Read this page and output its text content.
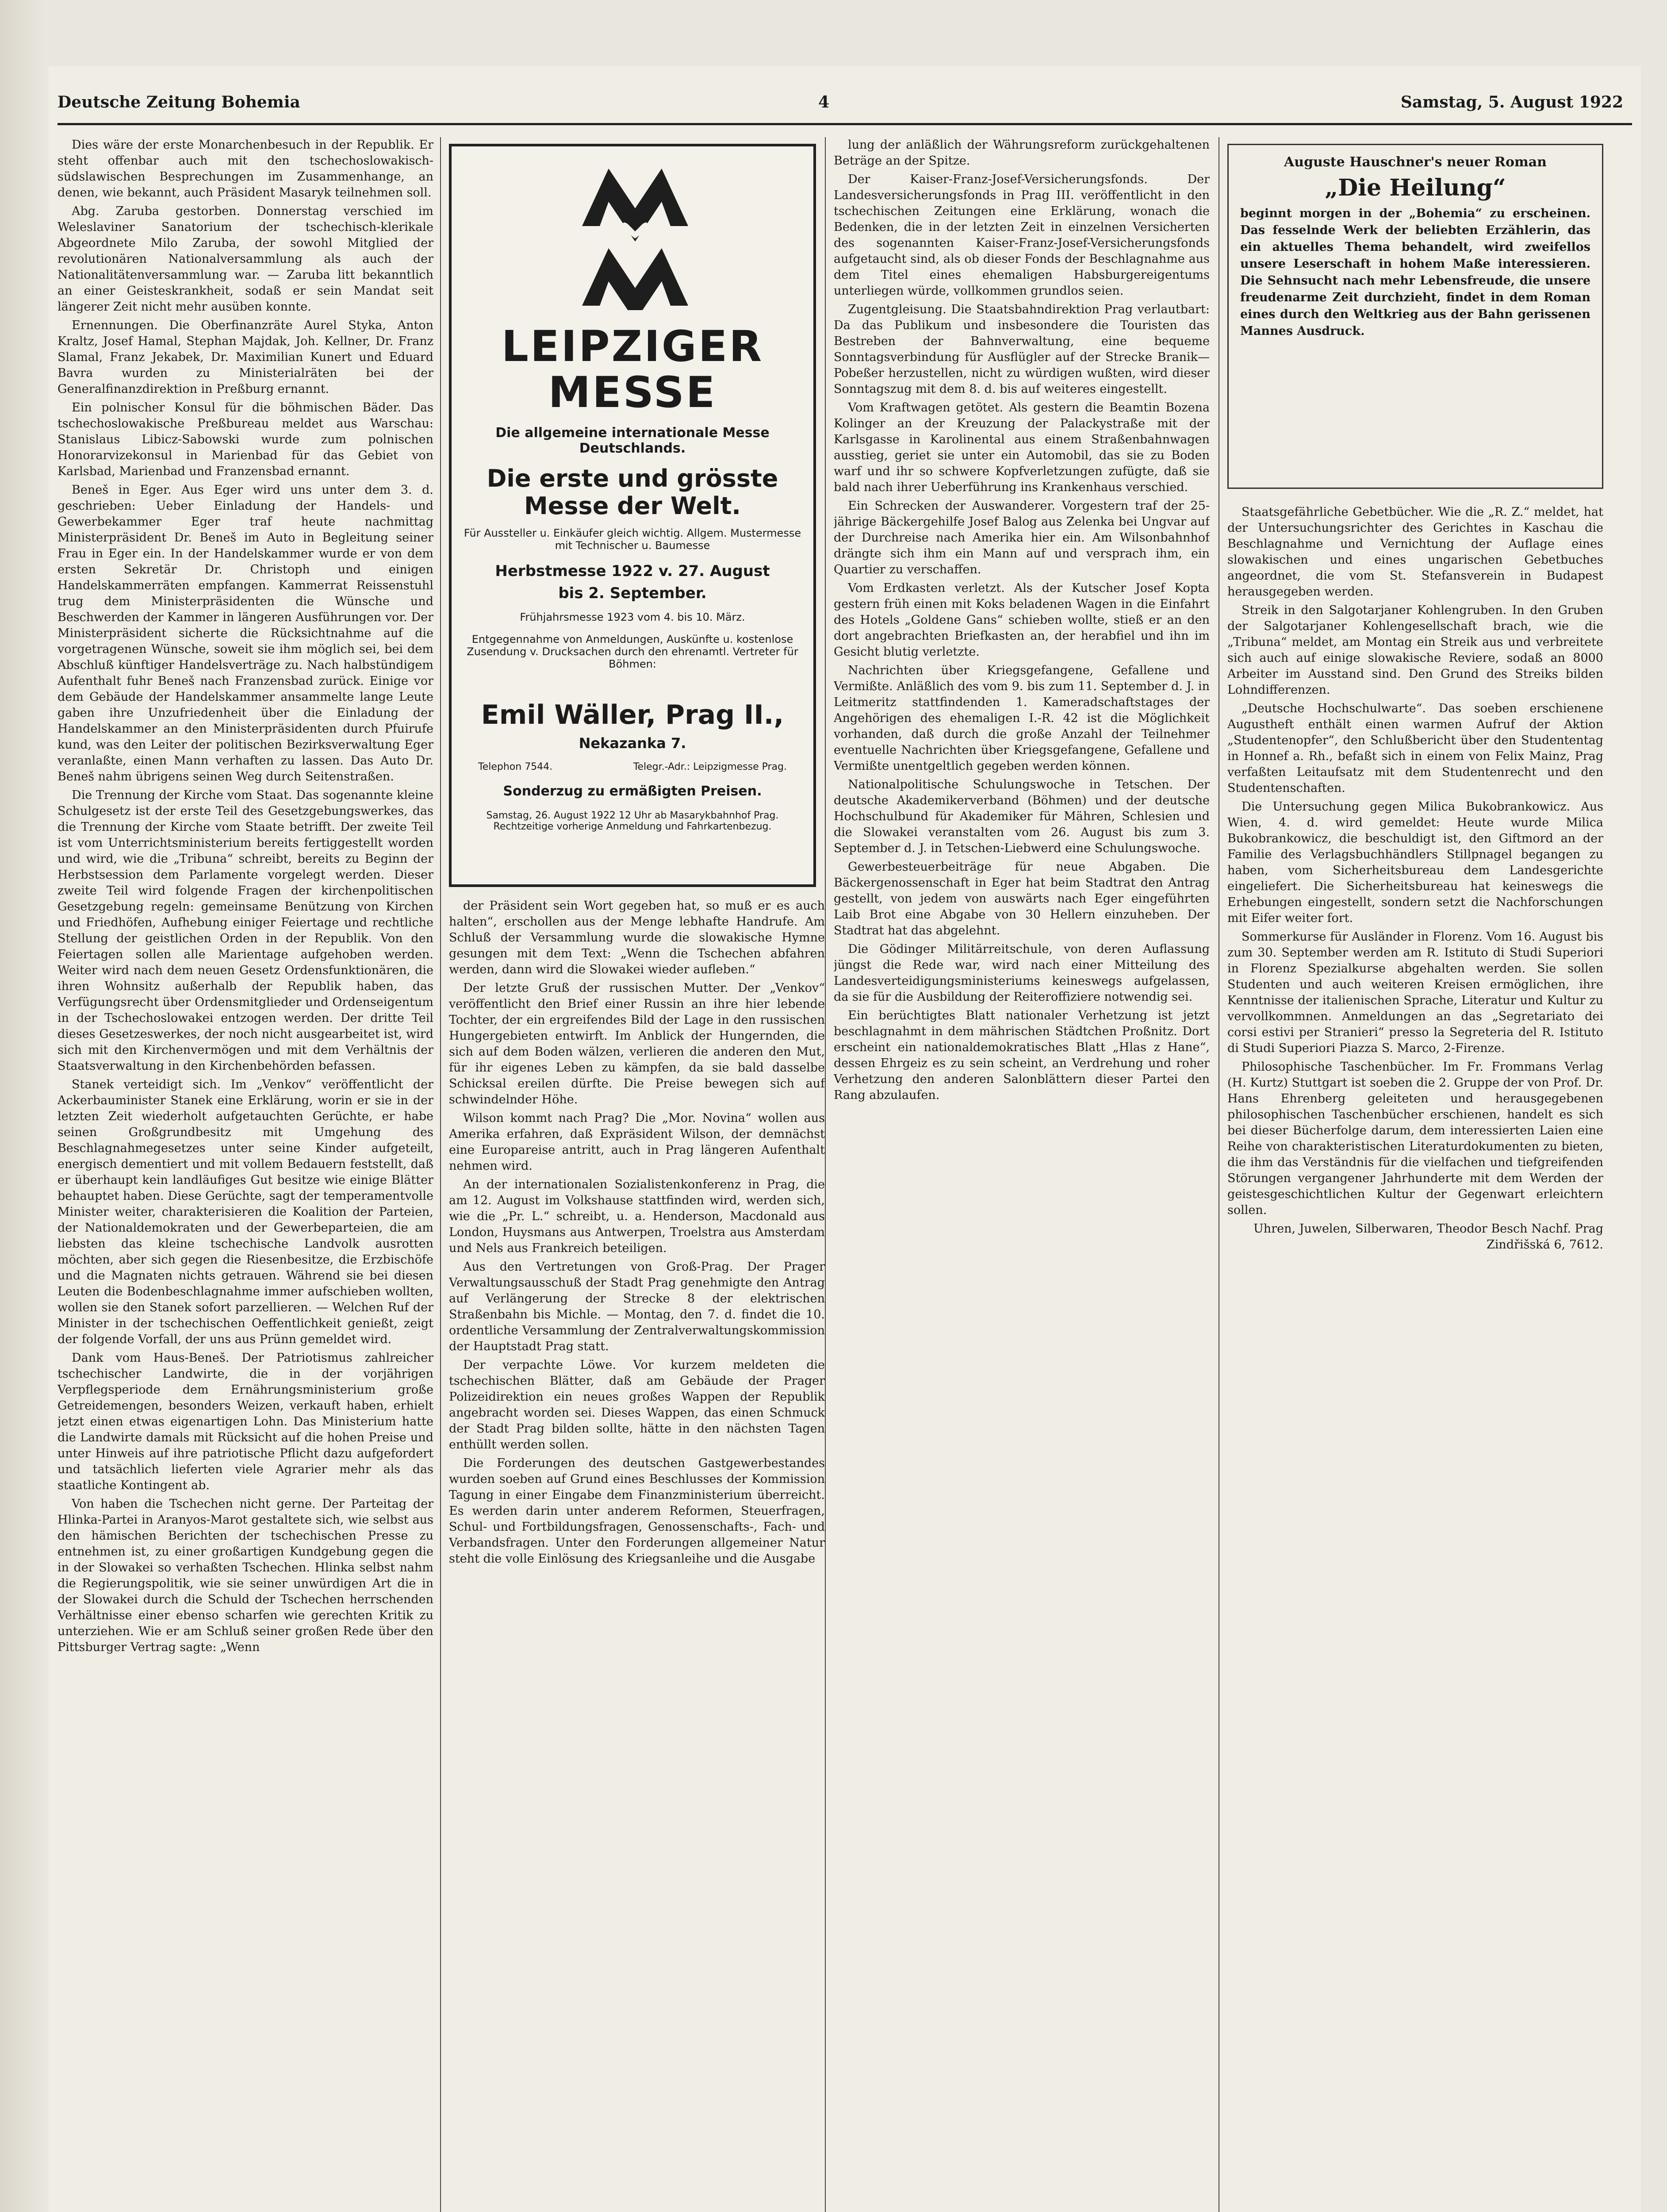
Deutsche Zeitung Bohemia	4	Samstag, 5. August 1922

Dies wäre der erste Monarchenbesuch in der Republik. Er steht offenbar auch mit den tschechoslowakisch-südslawischen Besprechungen im Zusammenhange, an denen, wie bekannt, auch Präsident Masaryk teilnehmen soll.

Abg. Zaruba gestorben. Donnerstag verschied im Weleslaviner Sanatorium der tschechisch-klerikale Abgeordnete Milo Zaruba, der sowohl Mitglied der revolutionären Nationalversammlung als auch der Nationalitätenversammlung war. — Zaruba litt bekanntlich an einer Geisteskrankheit, sodaß er sein Mandat seit längerer Zeit nicht mehr ausüben konnte.

Ernennungen. Die Oberfinanzräte Aurel Styka, Anton Kraltz, Josef Hamal, Stephan Majdak, Joh. Kellner, Dr. Franz Slamal, Franz Jekabek, Dr. Maximilian Kunert und Eduard Bavra wurden zu Ministerialräten bei der Generalfinanzdirektion in Preßburg ernannt.

Ein polnischer Konsul für die böhmischen Bäder. Das tschechoslowakische Preßbureau meldet aus Warschau: Stanislaus Libicz-Sabowski wurde zum polnischen Honorarvizekonsul in Marienbad für das Gebiet von Karlsbad, Marienbad und Franzensbad ernannt.

Beneš in Eger. Aus Eger wird uns unter dem 3. d. geschrieben: Ueber Einladung der Handels- und Gewerbekammer Eger traf heute nachmittag Ministerpräsident Dr. Beneš im Auto in Begleitung seiner Frau in Eger ein. In der Handelskammer wurde er von dem ersten Sekretär Dr. Christoph und einigen Handelskammerräten empfangen. Kammerrat Reissenstuhl trug dem Ministerpräsidenten die Wünsche und Beschwerden der Kammer in längeren Ausführungen vor. Der Ministerpräsident sicherte die Rücksichtnahme auf die vorgetragenen Wünsche, soweit sie ihm möglich sei, bei dem Abschluß künftiger Handelsverträge zu. Nach halbstündigem Aufenthalt fuhr Beneš nach Franzensbad zurück. Einige vor dem Gebäude der Handelskammer ansammelte lange Leute gaben ihre Unzufriedenheit über die Einladung der Handelskammer an den Ministerpräsidenten durch Pfuirufe kund, was den Leiter der politischen Bezirksverwaltung Eger veranlaßte, einen Mann verhaften zu lassen. Das Auto Dr. Beneš nahm übrigens seinen Weg durch Seitenstraßen.

Die Trennung der Kirche vom Staat. Das sogenannte kleine Schulgesetz ist der erste Teil des Gesetzgebungswerkes, das die Trennung der Kirche vom Staate betrifft. Der zweite Teil ist vom Unterrichtsministerium bereits fertiggestellt worden und wird, wie die „Tribuna“ schreibt, bereits zu Beginn der Herbstsession dem Parlamente vorgelegt werden. Dieser zweite Teil wird folgende Fragen der kirchenpolitischen Gesetzgebung regeln: gemeinsame Benützung von Kirchen und Friedhöfen, Aufhebung einiger Feiertage und rechtliche Stellung der geistlichen Orden in der Republik. Von den Feiertagen sollen alle Marientage aufgehoben werden. Weiter wird nach dem neuen Gesetz Ordensfunktionären, die ihren Wohnsitz außerhalb der Republik haben, das Verfügungsrecht über Ordensmitglieder und Ordenseigentum in der Tschechoslowakei entzogen werden. Der dritte Teil dieses Gesetzeswerkes, der noch nicht ausgearbeitet ist, wird sich mit den Kirchenvermögen und mit dem Verhältnis der Staatsverwaltung in den Kirchenbehörden befassen.

Stanek verteidigt sich. Im „Venkov“ veröffentlicht der Ackerbauminister Stanek eine Erklärung, worin er sie in der letzten Zeit wiederholt aufgetauchten Gerüchte, er habe seinen Großgrundbesitz mit Umgehung des Beschlagnahmegesetzes unter seine Kinder aufgeteilt, energisch dementiert und mit vollem Bedauern feststellt, daß er überhaupt kein landläufiges Gut besitze wie einige Blätter behauptet haben. Diese Gerüchte, sagt der temperamentvolle Minister weiter, charakterisieren die Koalition der Parteien, der Nationaldemokraten und der Gewerbeparteien, die am liebsten das kleine tschechische Landvolk ausrotten möchten, aber sich gegen die Riesenbesitze, die Erzbischöfe und die Magnaten nichts getrauen. Während sie bei diesen Leuten die Bodenbeschlagnahme immer aufschieben wollten, wollen sie den Stanek sofort parzellieren. — Welchen Ruf der Minister in der tschechischen Oeffentlichkeit genießt, zeigt der folgende Vorfall, der uns aus Prünn gemeldet wird.

Dank vom Haus-Beneš. Der Patriotismus zahlreicher tschechischer Landwirte, die in der vorjährigen Verpflegsperiode dem Ernährungsministerium große Getreidemengen, besonders Weizen, verkauft haben, erhielt jetzt einen etwas eigenartigen Lohn. Das Ministerium hatte die Landwirte damals mit Rücksicht auf die hohen Preise und unter Hinweis auf ihre patriotische Pflicht dazu aufgefordert und tatsächlich lieferten viele Agrarier mehr als das staatliche Kontingent ab.

Von haben die Tschechen nicht gerne. Der Parteitag der Hlinka-Partei in Aranyos-Marot gestaltete sich, wie selbst aus den hämischen Berichten der tschechischen Presse zu entnehmen ist, zu einer großartigen Kundgebung gegen die in der Slowakei so verhaßten Tschechen. Hlinka selbst nahm die Regierungspolitik, wie sie seiner unwürdigen Art die in der Slowakei durch die Schuld der Tschechen herrschenden Verhältnisse einer ebenso scharfen wie gerechten Kritik zu unterziehen. Wie er am Schluß seiner großen Rede über den Pittsburger Vertrag sagte: „Wenn

LEIPZIGER
MESSE
Die allgemeine internationale Messe Deutschlands.
Die erste und grösste Messe der Welt.
Für Aussteller u. Einkäufer gleich wichtig. Allgem. Mustermesse mit Technischer u. Baumesse
Herbstmesse 1922 v. 27. August
bis 2. September.
Frühjahrsmesse 1923 vom 4. bis 10. März.
Entgegennahme von Anmeldungen, Auskünfte u. kostenlose Zusendung v. Drucksachen durch den ehrenamtl. Vertreter für Böhmen:
Emil Wäller, Prag II.,
Nekazanka 7.
Telephon 7544.	Telegr.-Adr.: Leipzigmesse Prag.
Sonderzug zu ermäßigten Preisen.
Samstag, 26. August 1922 12 Uhr ab Masarykbahnhof Prag. Rechtzeitige vorherige Anmeldung und Fahrkartenbezug.

der Präsident sein Wort gegeben hat, so muß er es auch halten“, erschollen aus der Menge lebhafte Handrufe. Am Schluß der Versammlung wurde die slowakische Hymne gesungen mit dem Text: „Wenn die Tschechen abfahren werden, dann wird die Slowakei wieder aufleben.“

Der letzte Gruß der russischen Mutter. Der „Venkov“ veröffentlicht den Brief einer Russin an ihre hier lebende Tochter, der ein ergreifendes Bild der Lage in den russischen Hungergebieten entwirft. Im Anblick der Hungernden, die sich auf dem Boden wälzen, verlieren die anderen den Mut, für ihr eigenes Leben zu kämpfen, da sie bald dasselbe Schicksal ereilen dürfte. Die Preise bewegen sich auf schwindelnder Höhe.

Wilson kommt nach Prag? Die „Mor. Novina“ wollen aus Amerika erfahren, daß Expräsident Wilson, der demnächst eine Europareise antritt, auch in Prag längeren Aufenthalt nehmen wird.

An der internationalen Sozialistenkonferenz in Prag, die am 12. August im Volkshause stattfinden wird, werden sich, wie die „Pr. L.“ schreibt, u. a. Henderson, Macdonald aus London, Huysmans aus Antwerpen, Troelstra aus Amsterdam und Nels aus Frankreich beteiligen.

Aus den Vertretungen von Groß-Prag. Der Prager Verwaltungsausschuß der Stadt Prag genehmigte den Antrag auf Verlängerung der Strecke 8 der elektrischen Straßenbahn bis Michle. — Montag, den 7. d. findet die 10. ordentliche Versammlung der Zentralverwaltungskommission der Hauptstadt Prag statt.

Der verpachte Löwe. Vor kurzem meldeten die tschechischen Blätter, daß am Gebäude der Prager Polizeidirektion ein neues großes Wappen der Republik angebracht worden sei. Dieses Wappen, das einen Schmuck der Stadt Prag bilden sollte, hätte in den nächsten Tagen enthüllt werden sollen.

Die Forderungen des deutschen Gastgewerbestandes wurden soeben auf Grund eines Beschlusses der Kommission Tagung in einer Eingabe dem Finanzministerium überreicht. Es werden darin unter anderem Reformen, Steuerfragen, Schul- und Fortbildungsfragen, Genossenschafts-, Fach- und Verbandsfragen. Unter den Forderungen allgemeiner Natur steht die volle Einlösung des Kriegsanleihe und die Ausgabe

lung der anläßlich der Währungsreform zurückgehaltenen Beträge an der Spitze.

Der Kaiser-Franz-Josef-Versicherungsfonds. Der Landesversicherungsfonds in Prag III. veröffentlicht in den tschechischen Zeitungen eine Erklärung, wonach die Bedenken, die in der letzten Zeit in einzelnen Versicherten des sogenannten Kaiser-Franz-Josef-Versicherungsfonds aufgetaucht sind, als ob dieser Fonds der Beschlagnahme aus dem Titel eines ehemaligen Habsburgereigentums unterliegen würde, vollkommen grundlos seien.

Zugentgleisung. Die Staatsbahndirektion Prag verlautbart: Da das Publikum und insbesondere die Touristen das Bestreben der Bahnverwaltung, eine bequeme Sonntagsverbindung für Ausflügler auf der Strecke Branik—Pobeßer herzustellen, nicht zu würdigen wußten, wird dieser Sonntagszug mit dem 8. d. bis auf weiteres eingestellt.

Vom Kraftwagen getötet. Als gestern die Beamtin Bozena Kolinger an der Kreuzung der Palackystraße mit der Karlsgasse in Karolinental aus einem Straßenbahnwagen ausstieg, geriet sie unter ein Automobil, das sie zu Boden warf und ihr so schwere Kopfverletzungen zufügte, daß sie bald nach ihrer Ueberführung ins Krankenhaus verschied.

Ein Schrecken der Auswanderer. Vorgestern traf der 25-jährige Bäckergehilfe Josef Balog aus Zelenka bei Ungvar auf der Durchreise nach Amerika hier ein. Am Wilsonbahnhof drängte sich ihm ein Mann auf und versprach ihm, ein Quartier zu verschaffen.

Vom Erdkasten verletzt. Als der Kutscher Josef Kopta gestern früh einen mit Koks beladenen Wagen in die Einfahrt des Hotels „Goldene Gans“ schieben wollte, stieß er an den dort angebrachten Briefkasten an, der herabfiel und ihn im Gesicht blutig verletzte.

Nachrichten über Kriegsgefangene, Gefallene und Vermißte. Anläßlich des vom 9. bis zum 11. September d. J. in Leitmeritz stattfindenden 1. Kameradschaftstages der Angehörigen des ehemaligen I.-R. 42 ist die Möglichkeit vorhanden, daß durch die große Anzahl der Teilnehmer eventuelle Nachrichten über Kriegsgefangene, Gefallene und Vermißte unentgeltlich gegeben werden können.

Nationalpolitische Schulungswoche in Tetschen. Der deutsche Akademikerverband (Böhmen) und der deutsche Hochschulbund für Akademiker für Mähren, Schlesien und die Slowakei veranstalten vom 26. August bis zum 3. September d. J. in Tetschen-Liebwerd eine Schulungswoche.

Gewerbesteuerbeiträge für neue Abgaben. Die Bäckergenossenschaft in Eger hat beim Stadtrat den Antrag gestellt, von jedem von auswärts nach Eger eingeführten Laib Brot eine Abgabe von 30 Hellern einzuheben. Der Stadtrat hat das abgelehnt.

Die Gödinger Militärreitschule, von deren Auflassung jüngst die Rede war, wird nach einer Mitteilung des Landesverteidigungsministeriums keineswegs aufgelassen, da sie für die Ausbildung der Reiteroffiziere notwendig sei.

Ein berüchtigtes Blatt nationaler Verhetzung ist jetzt beschlagnahmt in dem mährischen Städtchen Proßnitz. Dort erscheint ein nationaldemokratisches Blatt „Hlas z Hane“, dessen Ehrgeiz es zu sein scheint, an Verdrehung und roher Verhetzung den anderen Salonblättern dieser Partei den Rang abzulaufen.

Auguste Hauschner's neuer Roman
„Die Heilung“
beginnt morgen in der „Bohemia“ zu erscheinen. Das fesselnde Werk der beliebten Erzählerin, das ein aktuelles Thema behandelt, wird zweifellos unsere Leserschaft in hohem Maße interessieren. Die Sehnsucht nach mehr Lebensfreude, die unsere freudenarme Zeit durchzieht, findet in dem Roman eines durch den Weltkrieg aus der Bahn gerissenen Mannes Ausdruck.

Staatsgefährliche Gebetbücher. Wie die „R. Z.“ meldet, hat der Untersuchungsrichter des Gerichtes in Kaschau die Beschlagnahme und Vernichtung der Auflage eines slowakischen und eines ungarischen Gebetbuches angeordnet, die vom St. Stefansverein in Budapest herausgegeben werden.

Streik in den Salgotarjaner Kohlengruben. In den Gruben der Salgotarjaner Kohlengesellschaft brach, wie die „Tribuna“ meldet, am Montag ein Streik aus und verbreitete sich auch auf einige slowakische Reviere, sodaß an 8000 Arbeiter im Ausstand sind. Den Grund des Streiks bilden Lohndifferenzen.

„Deutsche Hochschulwarte“. Das soeben erschienene Augustheft enthält einen warmen Aufruf der Aktion „Studentenopfer“, den Schlußbericht über den Studententag in Honnef a. Rh., befaßt sich in einem von Felix Mainz, Prag verfaßten Leitaufsatz mit dem Studentenrecht und den Studentenschaften.

Die Untersuchung gegen Milica Bukobrankowicz. Aus Wien, 4. d. wird gemeldet: Heute wurde Milica Bukobrankowicz, die beschuldigt ist, den Giftmord an der Familie des Verlagsbuchhändlers Stillpnagel begangen zu haben, vom Sicherheitsbureau dem Landesgerichte eingeliefert. Die Sicherheitsbureau hat keineswegs die Erhebungen eingestellt, sondern setzt die Nachforschungen mit Eifer weiter fort.

Sommerkurse für Ausländer in Florenz. Vom 16. August bis zum 30. September werden am R. Istituto di Studi Superiori in Florenz Spezialkurse abgehalten werden. Sie sollen Studenten und auch weiteren Kreisen ermöglichen, ihre Kenntnisse der italienischen Sprache, Literatur und Kultur zu vervollkommnen. Anmeldungen an das „Segretariato dei corsi estivi per Stranieri“ presso la Segreteria del R. Istituto di Studi Superiori Piazza S. Marco, 2-Firenze.

Philosophische Taschenbücher. Im Fr. Frommans Verlag (H. Kurtz) Stuttgart ist soeben die 2. Gruppe der von Prof. Dr. Hans Ehrenberg geleiteten und herausgegebenen philosophischen Taschenbücher erschienen, handelt es sich bei dieser Bücherfolge darum, dem interessierten Laien eine Reihe von charakteristischen Literaturdokumenten zu bieten, die ihm das Verständnis für die vielfachen und tiefgreifenden Störungen vergangener Jahrhunderte mit dem Werden der geistesgeschichtlichen Kultur der Gegenwart erleichtern sollen.

Uhren, Juwelen, Silberwaren, Theodor Besch Nachf. Prag Zindřišská 6, 7612.
